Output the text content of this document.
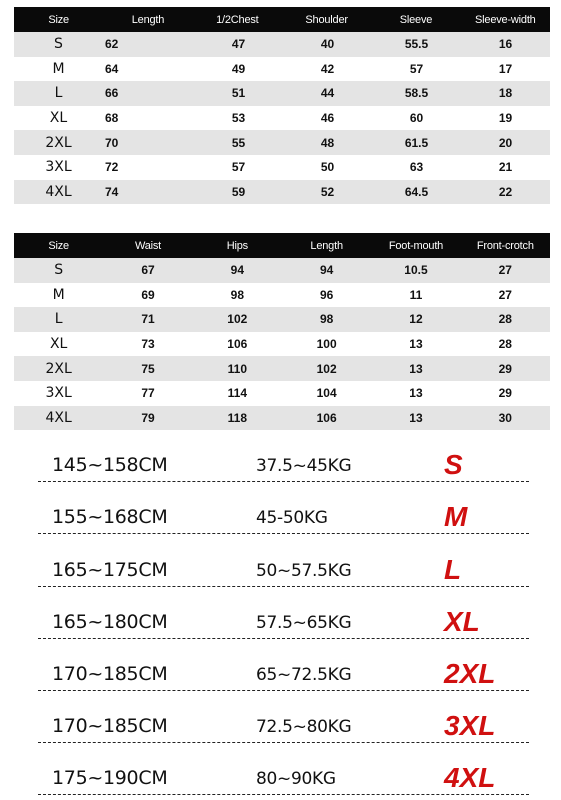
Size	Length	1/2Chest	Shoulder	Sleeve	Sleeve-width
S	62	47	40	55.5	16
M	64	49	42	57	17
L	66	51	44	58.5	18
XL	68	53	46	60	19
2XL	70	55	48	61.5	20
3XL	72	57	50	63	21
4XL	74	59	52	64.5	22
Size	Waist	Hips	Length	Foot-mouth	Front-crotch
S	67	94	94	10.5	27
M	69	98	96	11	27
L	71	102	98	12	28
XL	73	106	100	13	28
2XL	75	110	102	13	29
3XL	77	114	104	13	29
4XL	79	118	106	13	30
145~158CM	37.5~45KG	S
155~168CM	45-50KG	M
165~175CM	50~57.5KG	L
165~180CM	57.5~65KG	XL
170~185CM	65~72.5KG	2XL
170~185CM	72.5~80KG	3XL
175~190CM	80~90KG	4XL
